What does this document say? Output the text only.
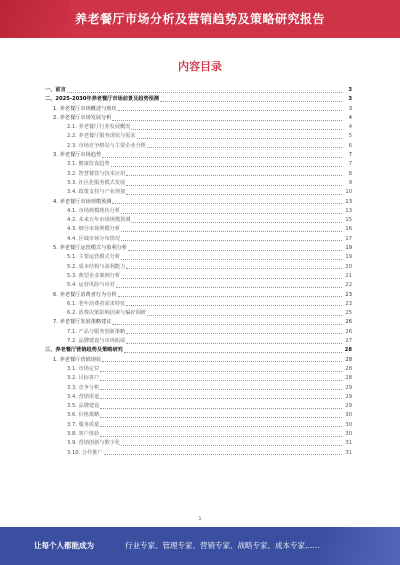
养老餐厅市场分析及营销趋势及策略研究报告
内容目录
一、前言	3
二、2025-2030年养老餐厅市场前景及趋势预测	3
1. 养老餐厅市场概述与现状	3
2. 养老餐厅市场发展分析	4
2.1. 养老餐厅行业发展概况	4
2.2. 养老餐厅服务现状与需求	5
2.3. 市场竞争格局与主要企业分析	6
3. 养老餐厅市场趋势	7
3.1. 健康饮食趋势	7
3.2. 智慧餐饮与技术应用	8
3.3. 社区化服务模式发展	9
3.4. 政策支持与产业规划	10
4. 养老餐厅市场规模预测	13
4.1. 市场规模现状分析	13
4.2. 未来五年市场规模预测	15
4.3. 细分市场规模分析	16
4.4. 区域市场分布情况	17
5. 养老餐厅运营模式与盈利分析	19
5.1. 主要运营模式分析	19
5.2. 成本结构与盈利能力	20
5.3. 典型企业案例分析	21
5.4. 运营风险与应对	22
6. 养老餐厅消费者行为分析	23
6.1. 老年消费者需求特征	23
6.2. 消费决策影响因素与偏好调研	25
7. 养老餐厅发展策略建议	26
7.1. 产品与服务创新策略	26
7.2. 品牌建设与市场拓展	27
三、养老餐厅营销趋势及策略研究	28
1. 养老餐厅营销现状	28
3.1. 市场定位	28
3.2. 目标客户	28
3.3. 竞争分析	29
3.4. 营销渠道	29
3.5. 品牌建设	29
3.6. 价格策略	30
3.7. 服务质量	30
3.8. 客户体验	30
3.9. 营销创新与数字化	31
3.10. 合作推广	31
1
让每个人都能成为	行业专家、管理专家、营销专家、战略专家、成本专家……
